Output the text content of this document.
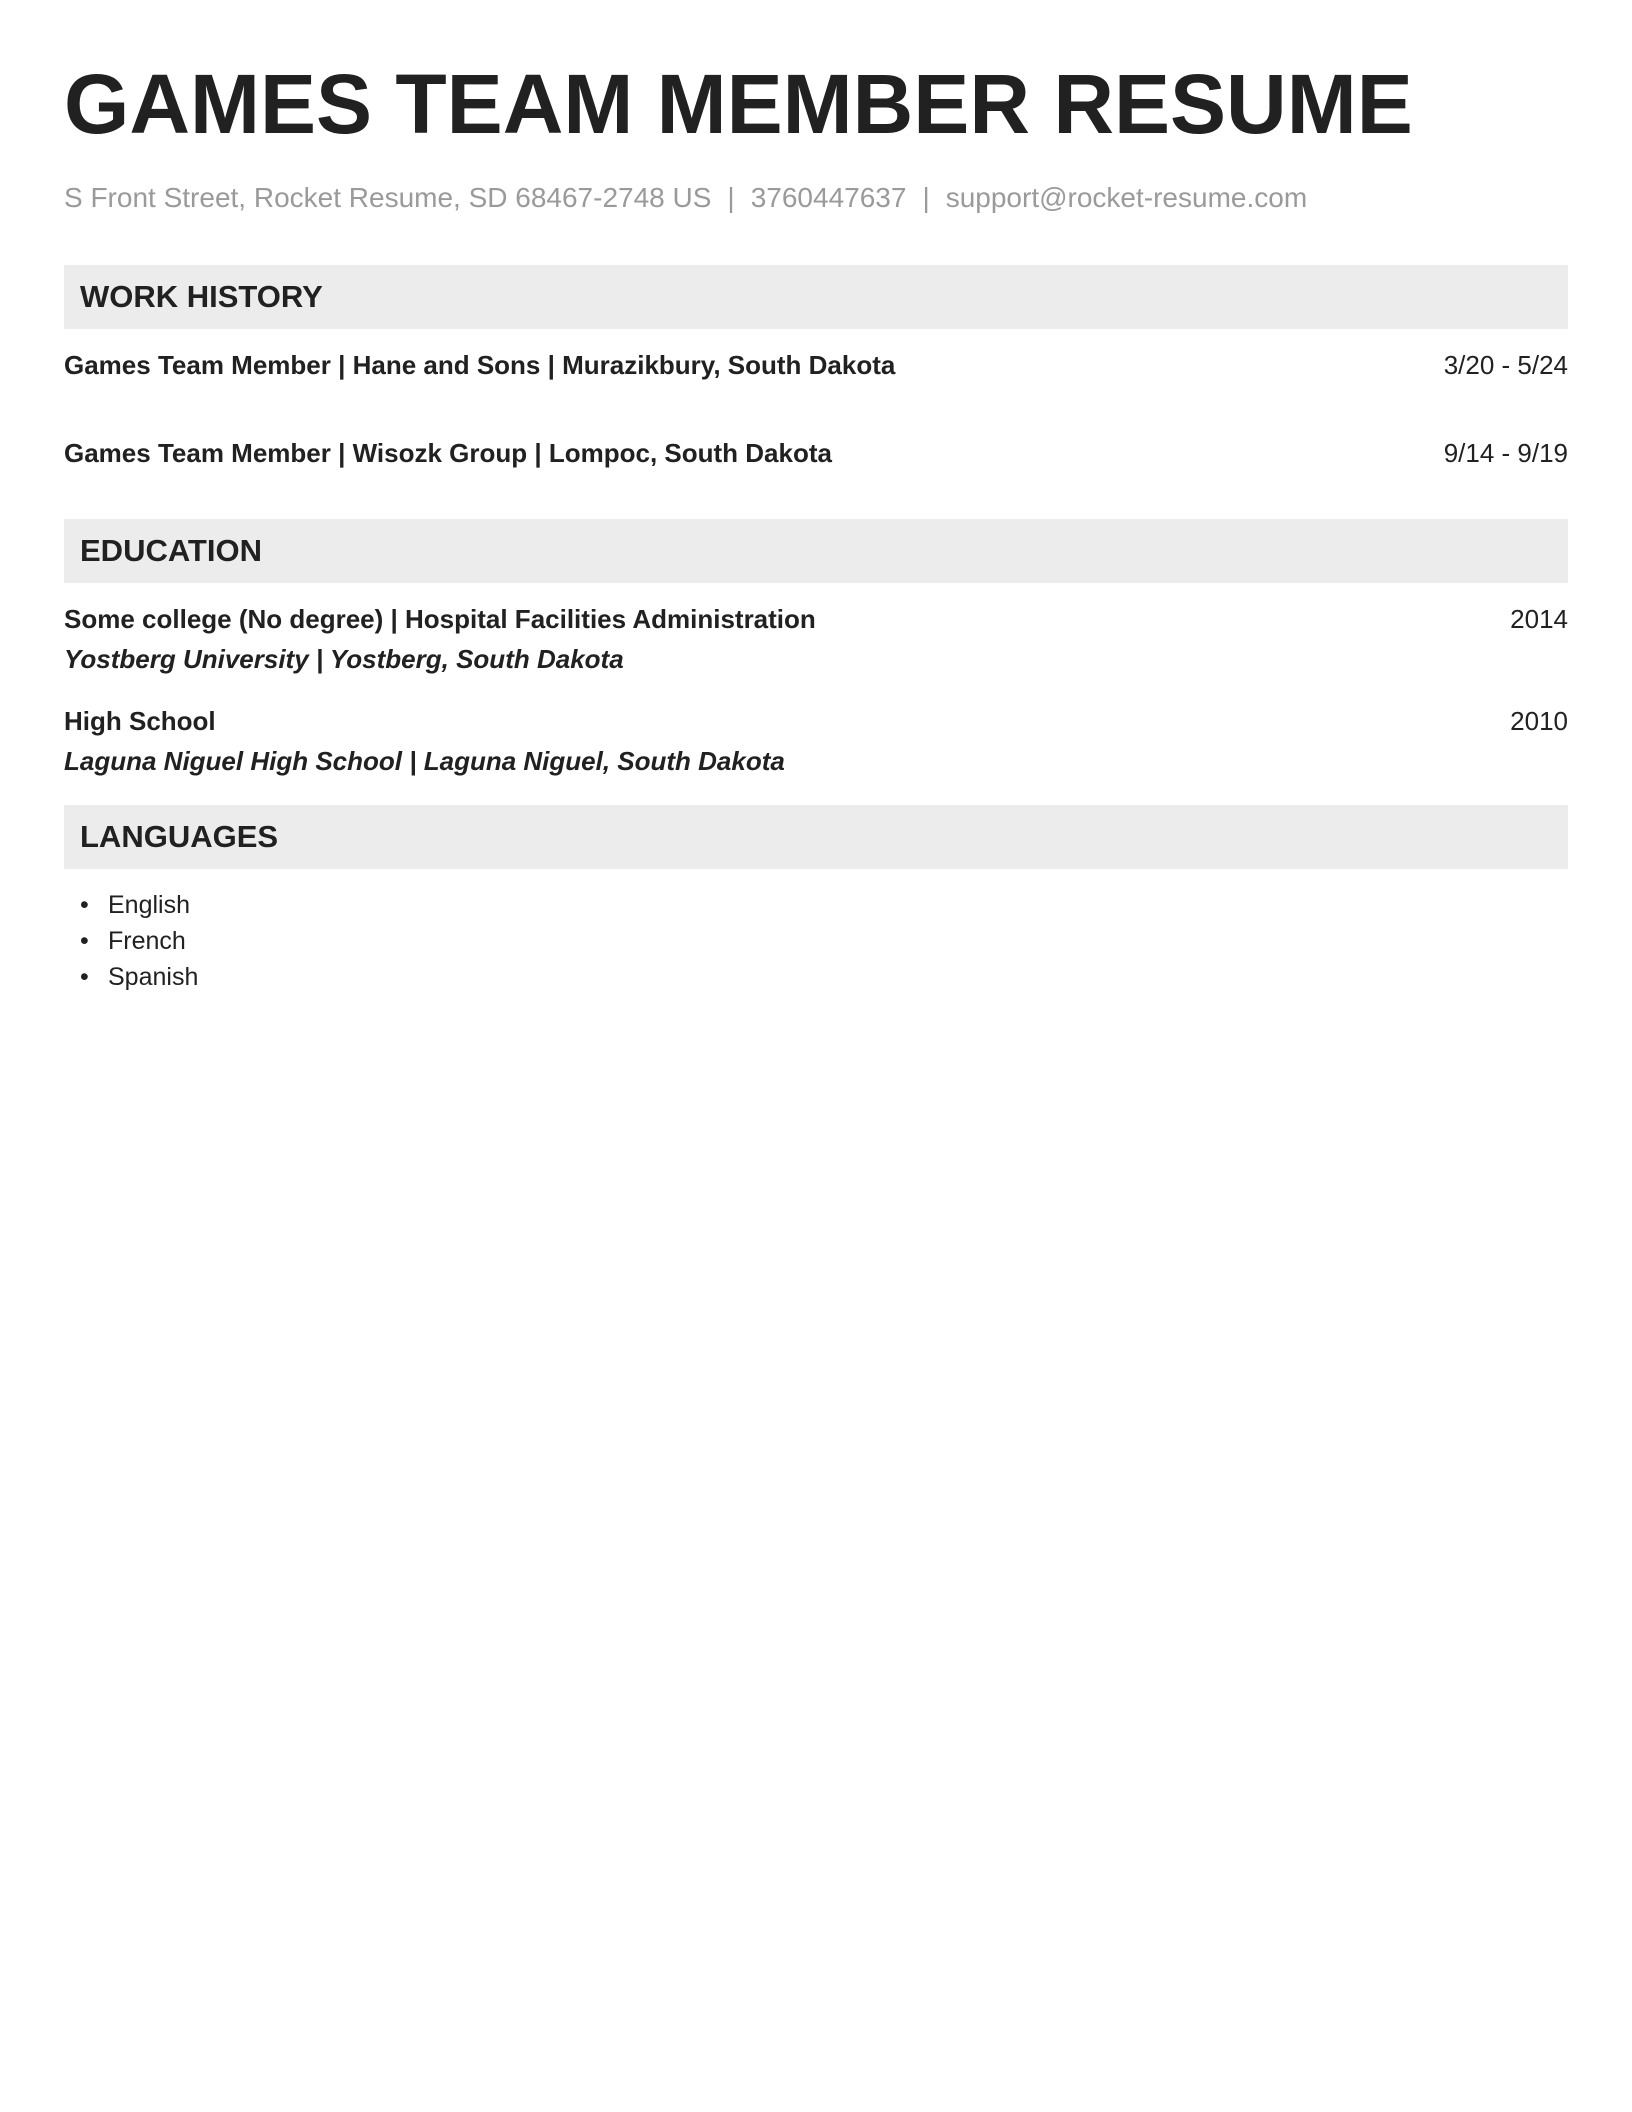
GAMES TEAM MEMBER RESUME
S Front Street, Rocket Resume, SD 68467-2748 US | 3760447637 | support@rocket-resume.com
WORK HISTORY
Games Team Member | Hane and Sons | Murazikbury, South Dakota	3/20 - 5/24
Games Team Member | Wisozk Group | Lompoc, South Dakota	9/14 - 9/19
EDUCATION
Some college (No degree) | Hospital Facilities Administration	2014
Yostberg University | Yostberg, South Dakota
High School	2010
Laguna Niguel High School | Laguna Niguel, South Dakota
LANGUAGES
• English
• French
• Spanish
